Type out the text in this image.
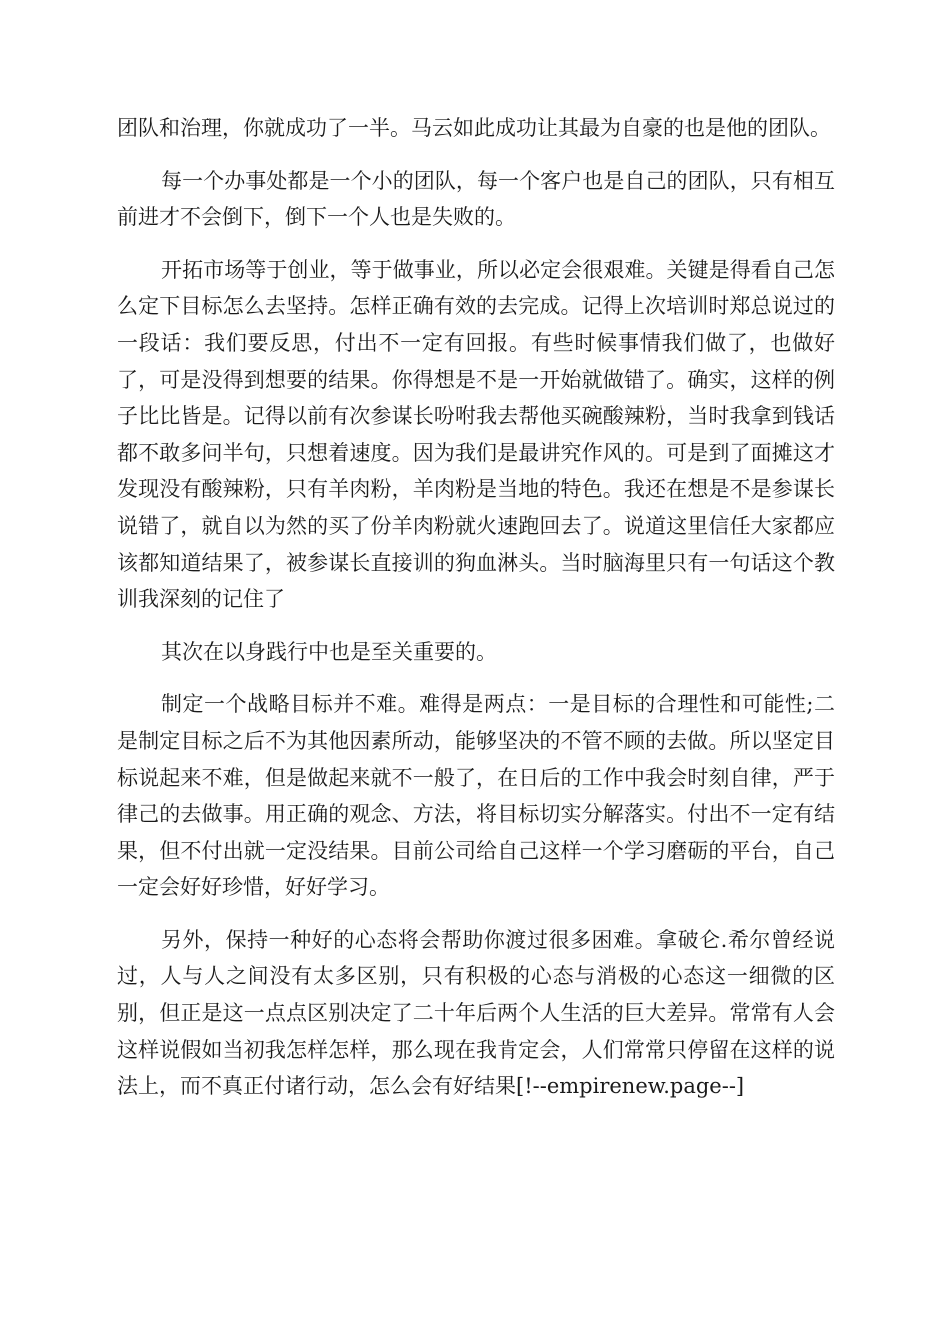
团队和治理，你就成功了一半。马云如此成功让其最为自豪的也是他的团队。

每一个办事处都是一个小的团队，每一个客户也是自己的团队，只有相互前进才不会倒下，倒下一个人也是失败的。

开拓市场等于创业，等于做事业，所以必定会很艰难。关键是得看自己怎么定下目标怎么去坚持。怎样正确有效的去完成。记得上次培训时郑总说过的一段话：我们要反思，付出不一定有回报。有些时候事情我们做了，也做好了，可是没得到想要的结果。你得想是不是一开始就做错了。确实，这样的例子比比皆是。记得以前有次参谋长吩咐我去帮他买碗酸辣粉，当时我拿到钱话都不敢多问半句，只想着速度。因为我们是最讲究作风的。可是到了面摊这才发现没有酸辣粉，只有羊肉粉，羊肉粉是当地的特色。我还在想是不是参谋长说错了，就自以为然的买了份羊肉粉就火速跑回去了。说道这里信任大家都应该都知道结果了，被参谋长直接训的狗血淋头。当时脑海里只有一句话这个教训我深刻的记住了

其次在以身践行中也是至关重要的。

制定一个战略目标并不难。难得是两点：一是目标的合理性和可能性;二是制定目标之后不为其他因素所动，能够坚决的不管不顾的去做。所以坚定目标说起来不难，但是做起来就不一般了，在日后的工作中我会时刻自律，严于律己的去做事。用正确的观念、方法，将目标切实分解落实。付出不一定有结果，但不付出就一定没结果。目前公司给自己这样一个学习磨砺的平台，自己一定会好好珍惜，好好学习。

另外，保持一种好的心态将会帮助你渡过很多困难。拿破仑.希尔曾经说过，人与人之间没有太多区别，只有积极的心态与消极的心态这一细微的区别，但正是这一点点区别决定了二十年后两个人生活的巨大差异。常常有人会这样说假如当初我怎样怎样，那么现在我肯定会，人们常常只停留在这样的说法上，而不真正付诸行动，怎么会有好结果[!--empirenew.page--]
